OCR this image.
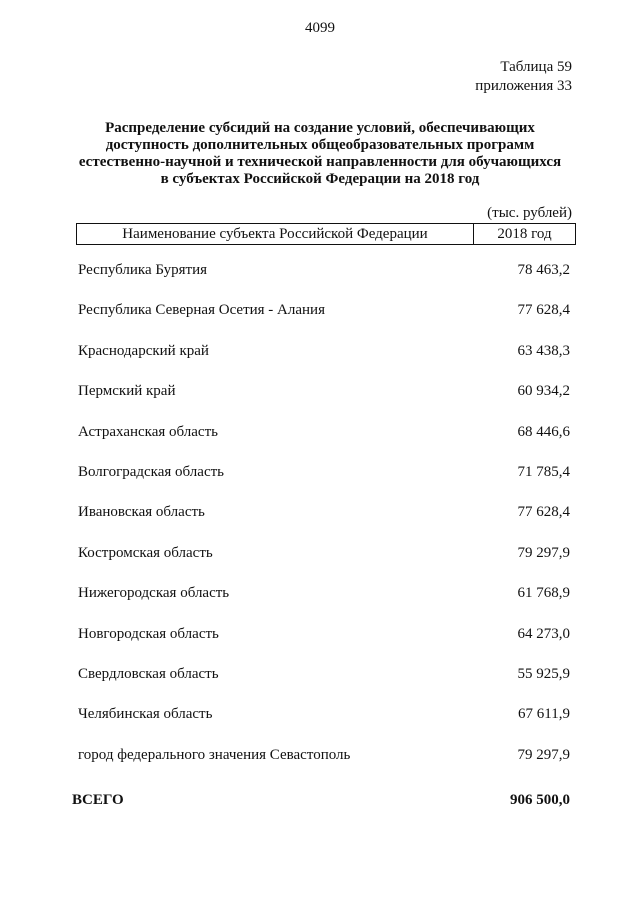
4099
Таблица 59
приложения 33
Распределение субсидий на создание условий, обеспечивающих
доступность дополнительных общеобразовательных программ
естественно-научной и технической направленности для обучающихся
в субъектах Российской Федерации на 2018 год
(тыс. рублей)
Наименование субъекта Российской Федерации	2018 год
Республика Бурятия	78 463,2
Республика Северная Осетия - Алания	77 628,4
Краснодарский край	63 438,3
Пермский край	60 934,2
Астраханская область	68 446,6
Волгоградская область	71 785,4
Ивановская область	77 628,4
Костромская область	79 297,9
Нижегородская область	61 768,9
Новгородская область	64 273,0
Свердловская область	55 925,9
Челябинская область	67 611,9
город федерального значения Севастополь	79 297,9
ВСЕГО	906 500,0
